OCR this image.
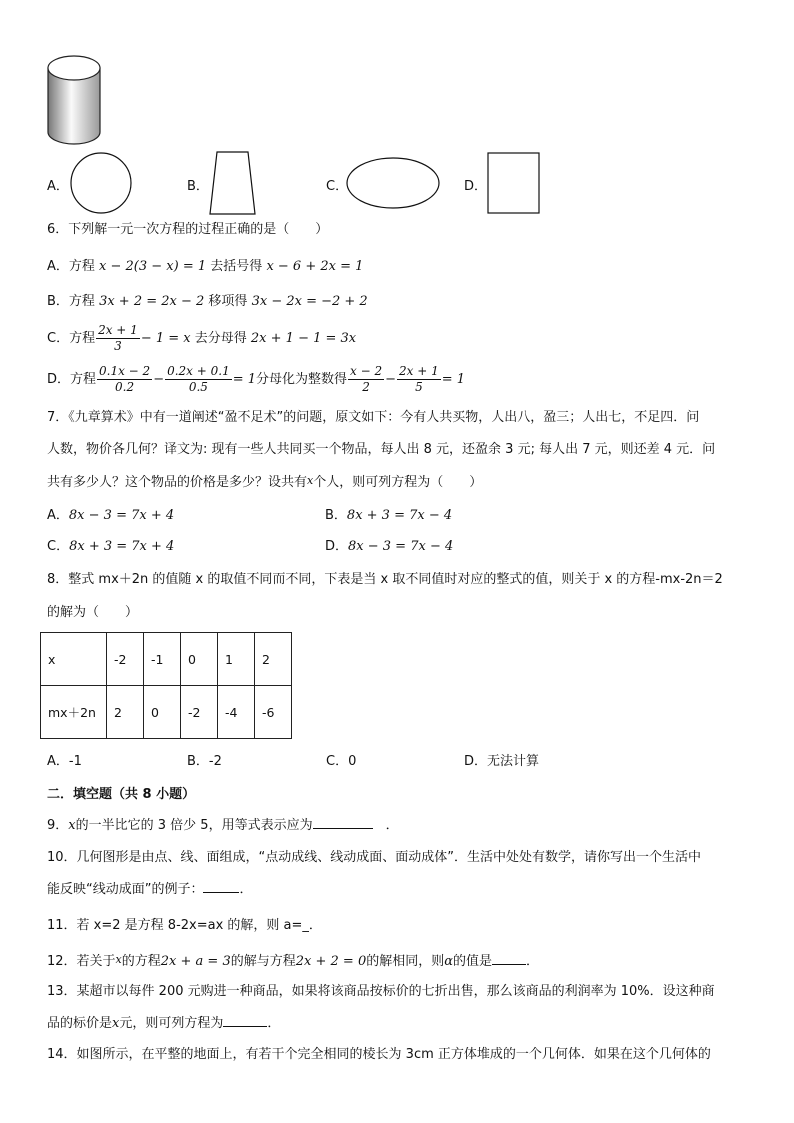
A．	B．	C．	D．
6．下列解一元一次方程的过程正确的是（　　）
A．方程 x − 2(3 − x) = 1 去括号得 x − 6 + 2x = 1
B．方程 3x + 2 = 2x − 2 移项得 3x − 2x = −2 + 2
C．方程 $\frac{2x + 1}{3} - 1 = x$ 去分母得 2x + 1 − 1 = 3x
D．方程 $\frac{0.1x - 2}{0.2} - \frac{0.2x + 0.1}{0.5} = 1$分母化为整数得 $\frac{x - 2}{2} - \frac{2x + 1}{5} = 1$
7．《九章算术》中有一道阐述“盈不足术”的问题，原文如下：今有人共买物，人出八，盈三；人出七，不足四．问
人数，物价各几何？译文为: 现有一些人共同买一个物品，每人出 8 元，还盈余 3 元; 每人出 7 元，则还差 4 元．问
共有多少人？这个物品的价格是多少？设共有x个人，则可列方程为（　　）
A．8x − 3 = 7x + 4	B．8x + 3 = 7x − 4
C．8x + 3 = 7x + 4	D．8x − 3 = 7x − 4
8．整式 mx＋2n 的值随 x 的取值不同而不同，下表是当 x 取不同值时对应的整式的值，则关于 x 的方程-mx-2n＝2
的解为（　　）
x	-2	-1	0	1	2
mx＋2n	2	0	-2	-4	-6
A．-1	B．-2	C．0	D．无法计算
二．填空题（共 8 小题）
9．x的一半比它的 3 倍少 5，用等式表示应为　	．
10．几何图形是由点、线、面组成，“点动成线、线动成面、面动成体”．生活中处处有数学，请你写出一个生活中
能反映“线动成面”的例子：	．
11．若 x=2 是方程 8-2x=ax 的解，则 a=_．
12．若关于x的方程2x + a = 3的解与方程2x + 2 = 0的解相同，则α的值是	．
13．某超市以每件 200 元购进一种商品，如果将该商品按标价的七折出售，那么该商品的利润率为 10%．设这种商
品的标价是x元，则可列方程为	．
14．如图所示，在平整的地面上，有若干个完全相同的棱长为 3cm 正方体堆成的一个几何体．如果在这个几何体的
